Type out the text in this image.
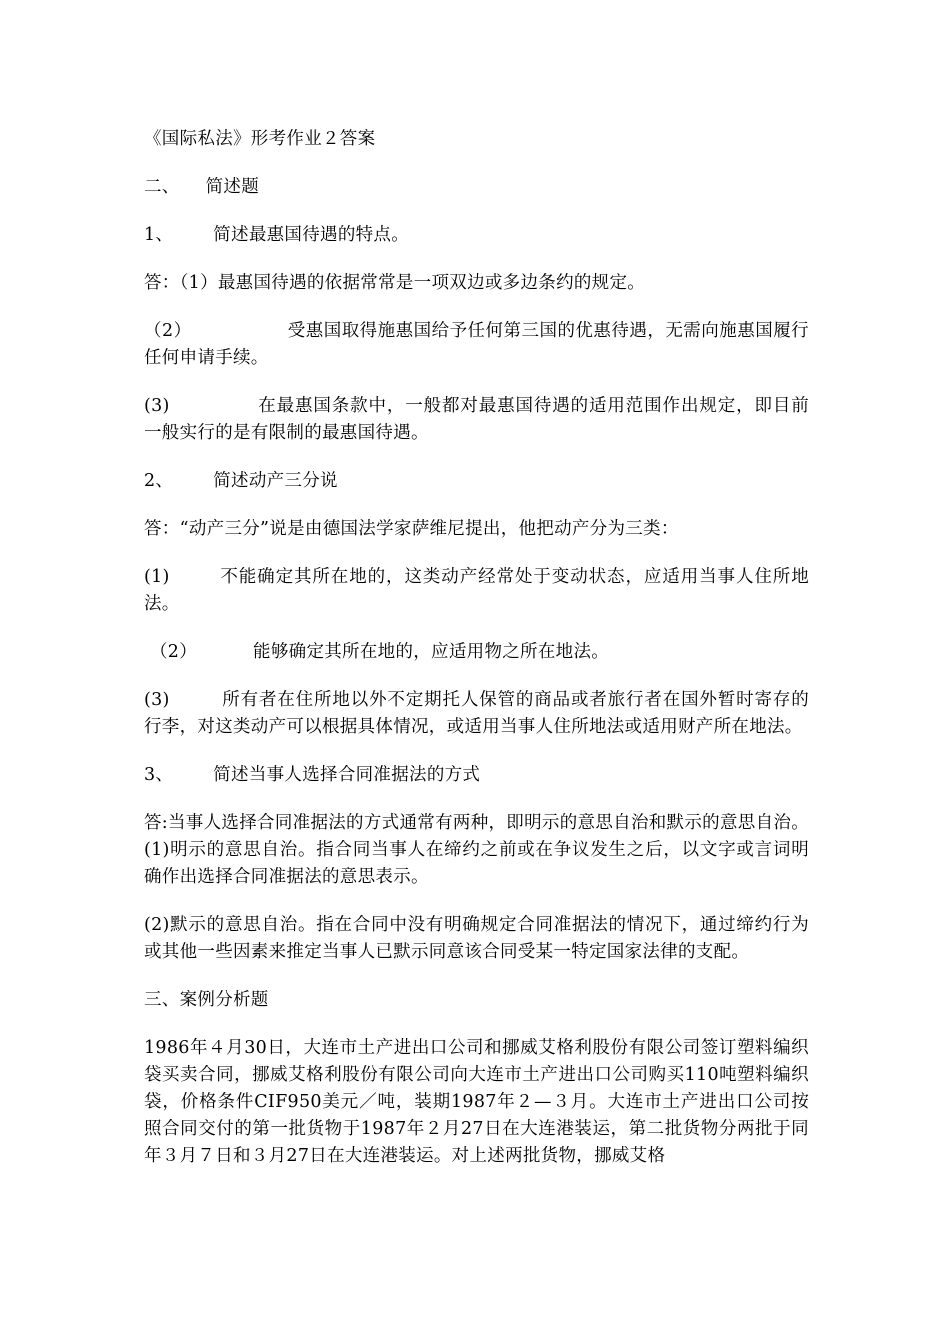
《国际私法》形考作业２答案

二、 简述题

1、 简述最惠国待遇的特点。

答：（1）最惠国待遇的依据常常是一项双边或多边条约的规定。

（2）	受惠国取得施惠国给予任何第三国的优惠待遇，无需向施惠国履行任何申请手续。

(3)	在最惠国条款中，一般都对最惠国待遇的适用范围作出规定，即目前一般实行的是有限制的最惠国待遇。

2、 简述动产三分说

答：“动产三分”说是由德国法学家萨维尼提出，他把动产分为三类：

(1)	不能确定其所在地的，这类动产经常处于变动状态，应适用当事人住所地法。

（2）	能够确定其所在地的，应适用物之所在地法。

(3)	所有者在住所地以外不定期托人保管的商品或者旅行者在国外暂时寄存的行李，对这类动产可以根据具体情况，或适用当事人住所地法或适用财产所在地法。

3、 简述当事人选择合同准据法的方式

答:当事人选择合同准据法的方式通常有两种，即明示的意思自治和默示的意思自治。(1)明示的意思自治。指合同当事人在缔约之前或在争议发生之后，以文字或言词明确作出选择合同准据法的意思表示。

(2)默示的意思自治。指在合同中没有明确规定合同准据法的情况下，通过缔约行为或其他一些因素来推定当事人已默示同意该合同受某一特定国家法律的支配。

三、案例分析题

1986年４月30日，大连市土产进出口公司和挪威艾格利股份有限公司签订塑料编织袋买卖合同，挪威艾格利股份有限公司向大连市土产进出口公司购买110吨塑料编织袋，价格条件CIF950美元／吨，装期1987年２—３月。大连市土产进出口公司按照合同交付的第一批货物于1987年２月27日在大连港装运，第二批货物分两批于同年３月７日和３月27日在大连港装运。对上述两批货物，挪威艾格
